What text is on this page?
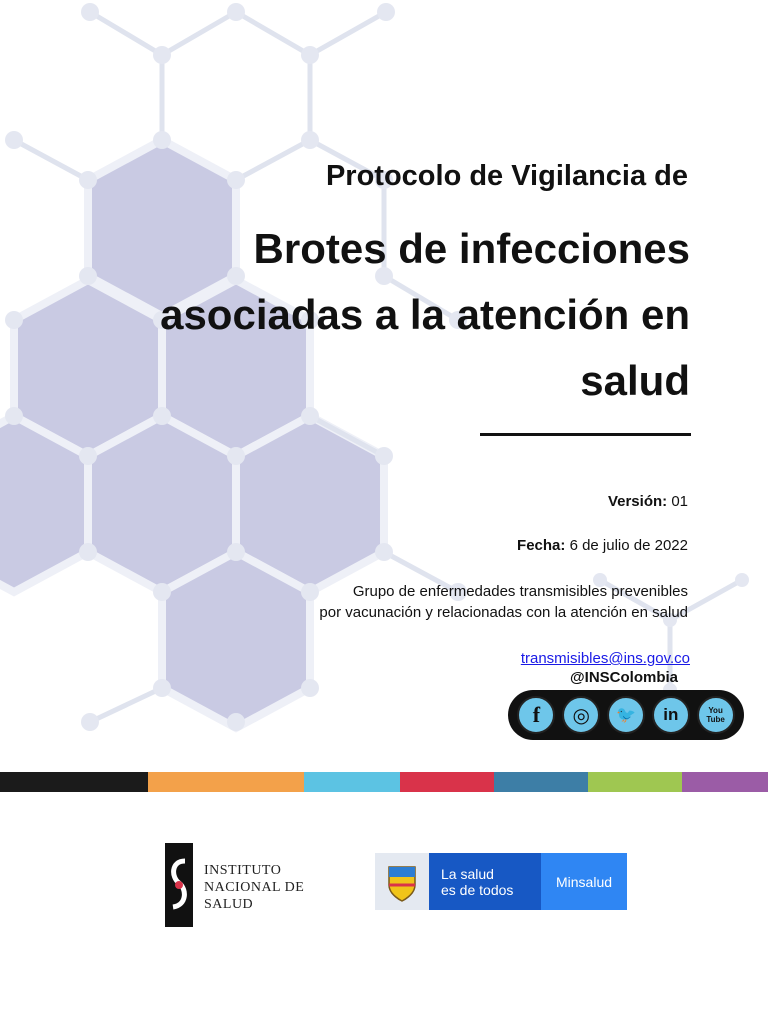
Protocolo de Vigilancia de
Brotes de infecciones
asociadas a la atención en
salud
Versión: 01
Fecha: 6 de julio de 2022
Grupo de enfermedades transmisibles prevenibles
por vacunación y relacionadas con la atención en salud
transmisibles@ins.gov.co
@INSColombia
f	◎	🐦	in	You Tube
INSTITUTO
NACIONAL DE
SALUD
La salud
es de todos	Minsalud
